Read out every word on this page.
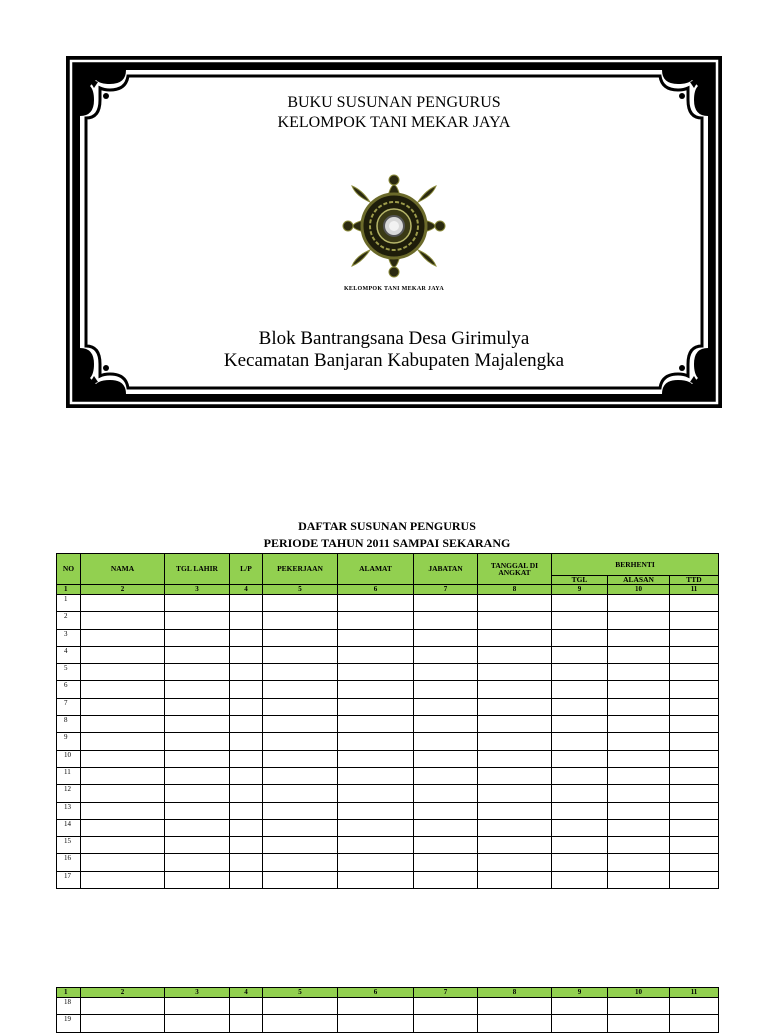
BUKU SUSUNAN PENGURUS
KELOMPOK TANI MEKAR JAYA
KELOMPOK TANI MEKAR JAYA
Blok Bantrangsana Desa Girimulya
Kecamatan Banjaran Kabupaten Majalengka
DAFTAR SUSUNAN PENGURUS
PERIODE TAHUN 2011 SAMPAI SEKARANG
NO	NAMA	TGL LAHIR	L/P	PEKERJAAN	ALAMAT	JABATAN	TANGGAL DI ANGKAT	BERHENTI		
								TGL	ALASAN	TTD
1	2	3	4	5	6	7	8	9	10	11
1										
2										
3										
4										
5										
6										
7										
8										
9										
10										
11										
12										
13										
14										
15										
16										
17										
1	2	3	4	5	6	7	8	9	10	11
18										
19										
